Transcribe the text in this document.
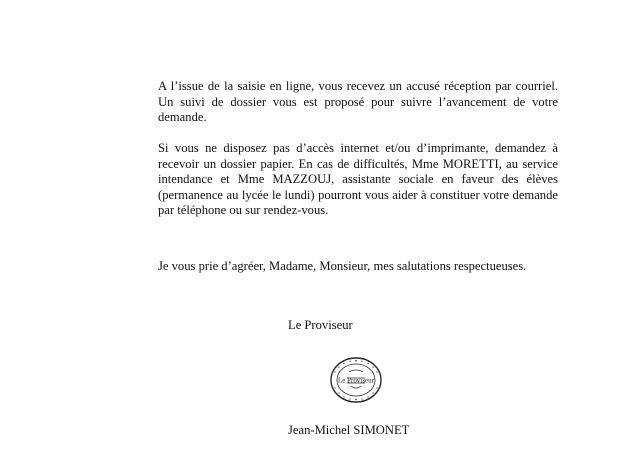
A l’issue de la saisie en ligne, vous recevez un accusé réception par courriel. Un suivi de dossier vous est proposé pour suivre l’avancement de votre demande.

Si vous ne disposez pas d’accès internet et/ou d’imprimante, demandez à recevoir un dossier papier. En cas de difficultés, Mme MORETTI, au service intendance et Mme MAZZOUJ, assistante sociale en faveur des élèves (permanence au lycée le lundi) pourront vous aider à constituer votre demande par téléphone ou sur rendez-vous.

Je vous prie d’agréer, Madame, Monsieur, mes salutations respectueuses.

Le Proviseur

Le Proviseur

Jean-Michel SIMONET
